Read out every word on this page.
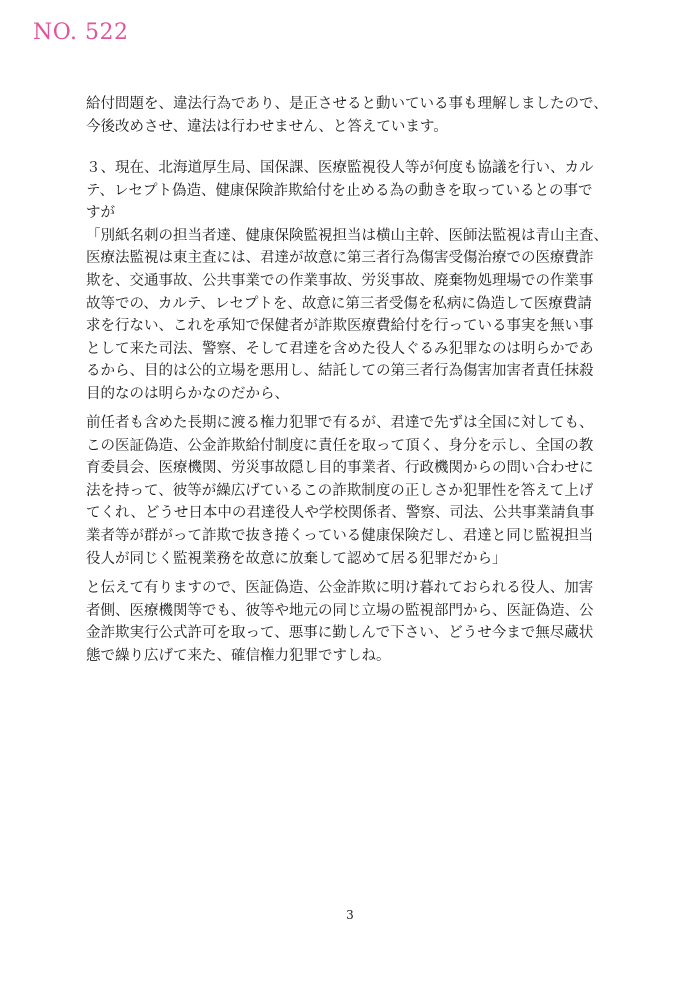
NO. 522
給付問題を、違法行為であり、是正させると動いている事も理解しましたので、
今後改めさせ、違法は行わせません、と答えています。
３、現在、北海道厚生局、国保課、医療監視役人等が何度も協議を行い、カル
テ、レセプト偽造、健康保険詐欺給付を止める為の動きを取っているとの事で
すが
「別紙名刺の担当者達、健康保険監視担当は横山主幹、医師法監視は青山主査、
医療法監視は東主査には、君達が故意に第三者行為傷害受傷治療での医療費詐
欺を、交通事故、公共事業での作業事故、労災事故、廃棄物処理場での作業事
故等での、カルテ、レセプトを、故意に第三者受傷を私病に偽造して医療費請
求を行ない、これを承知で保健者が詐欺医療費給付を行っている事実を無い事
として来た司法、警察、そして君達を含めた役人ぐるみ犯罪なのは明らかであ
るから、目的は公的立場を悪用し、結託しての第三者行為傷害加害者責任抹殺
目的なのは明らかなのだから、
前任者も含めた長期に渡る権力犯罪で有るが、君達で先ずは全国に対しても、
この医証偽造、公金詐欺給付制度に責任を取って頂く、身分を示し、全国の教
育委員会、医療機関、労災事故隠し目的事業者、行政機関からの問い合わせに
法を持って、彼等が繰広げているこの詐欺制度の正しさか犯罪性を答えて上げ
てくれ、どうせ日本中の君達役人や学校関係者、警察、司法、公共事業請負事
業者等が群がって詐欺で抜き捲くっている健康保険だし、君達と同じ監視担当
役人が同じく監視業務を故意に放棄して認めて居る犯罪だから」
と伝えて有りますので、医証偽造、公金詐欺に明け暮れておられる役人、加害
者側、医療機関等でも、彼等や地元の同じ立場の監視部門から、医証偽造、公
金詐欺実行公式許可を取って、悪事に勤しんで下さい、どうせ今まで無尽蔵状
態で繰り広げて来た、確信権力犯罪ですしね。
3
